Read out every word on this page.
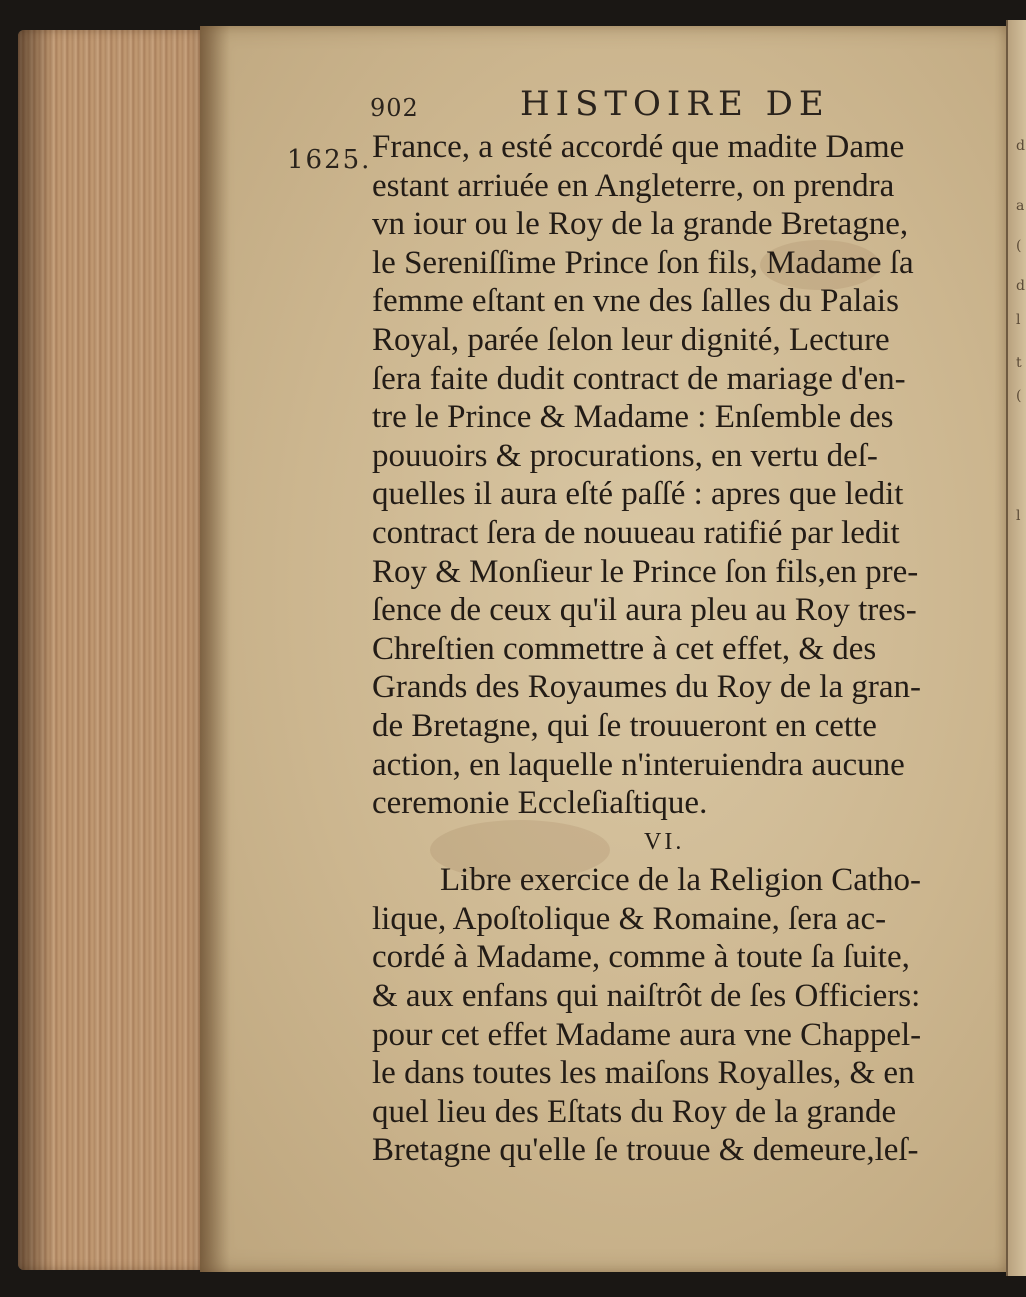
d
a
(
d
l
t
(
l
902	HISTOIRE DE
1625. France, a esté accordé que madite Dame
estant arriuée en Angleterre, on prendra
vn iour ou le Roy de la grande Bretagne,
le Sereniſſime Prince ſon fils, Madame ſa
femme eſtant en vne des ſalles du Palais
Royal, parée ſelon leur dignité, Lecture
ſera faite dudit contract de mariage d'en-
tre le Prince & Madame : Enſemble des
pouuoirs & procurations, en vertu deſ-
quelles il aura eſté paſſé : apres que ledit
contract ſera de nouueau ratifié par ledit
Roy & Monſieur le Prince ſon fils,en pre-
ſence de ceux qu'il aura pleu au Roy tres-
Chreſtien commettre à cet effet, & des
Grands des Royaumes du Roy de la gran-
de Bretagne, qui ſe trouueront en cette
action, en laquelle n'interuiendra aucune
ceremonie Eccleſiaſtique.
VI.
Libre exercice de la Religion Catho-
lique, Apoſtolique & Romaine, ſera ac-
cordé à Madame, comme à toute ſa ſuite,
& aux enfans qui naiſtrôt de ſes Officiers:
pour cet effet Madame aura vne Chappel-
le dans toutes les maiſons Royalles, & en
quel lieu des Eſtats du Roy de la grande
Bretagne qu'elle ſe trouue & demeure,leſ-
